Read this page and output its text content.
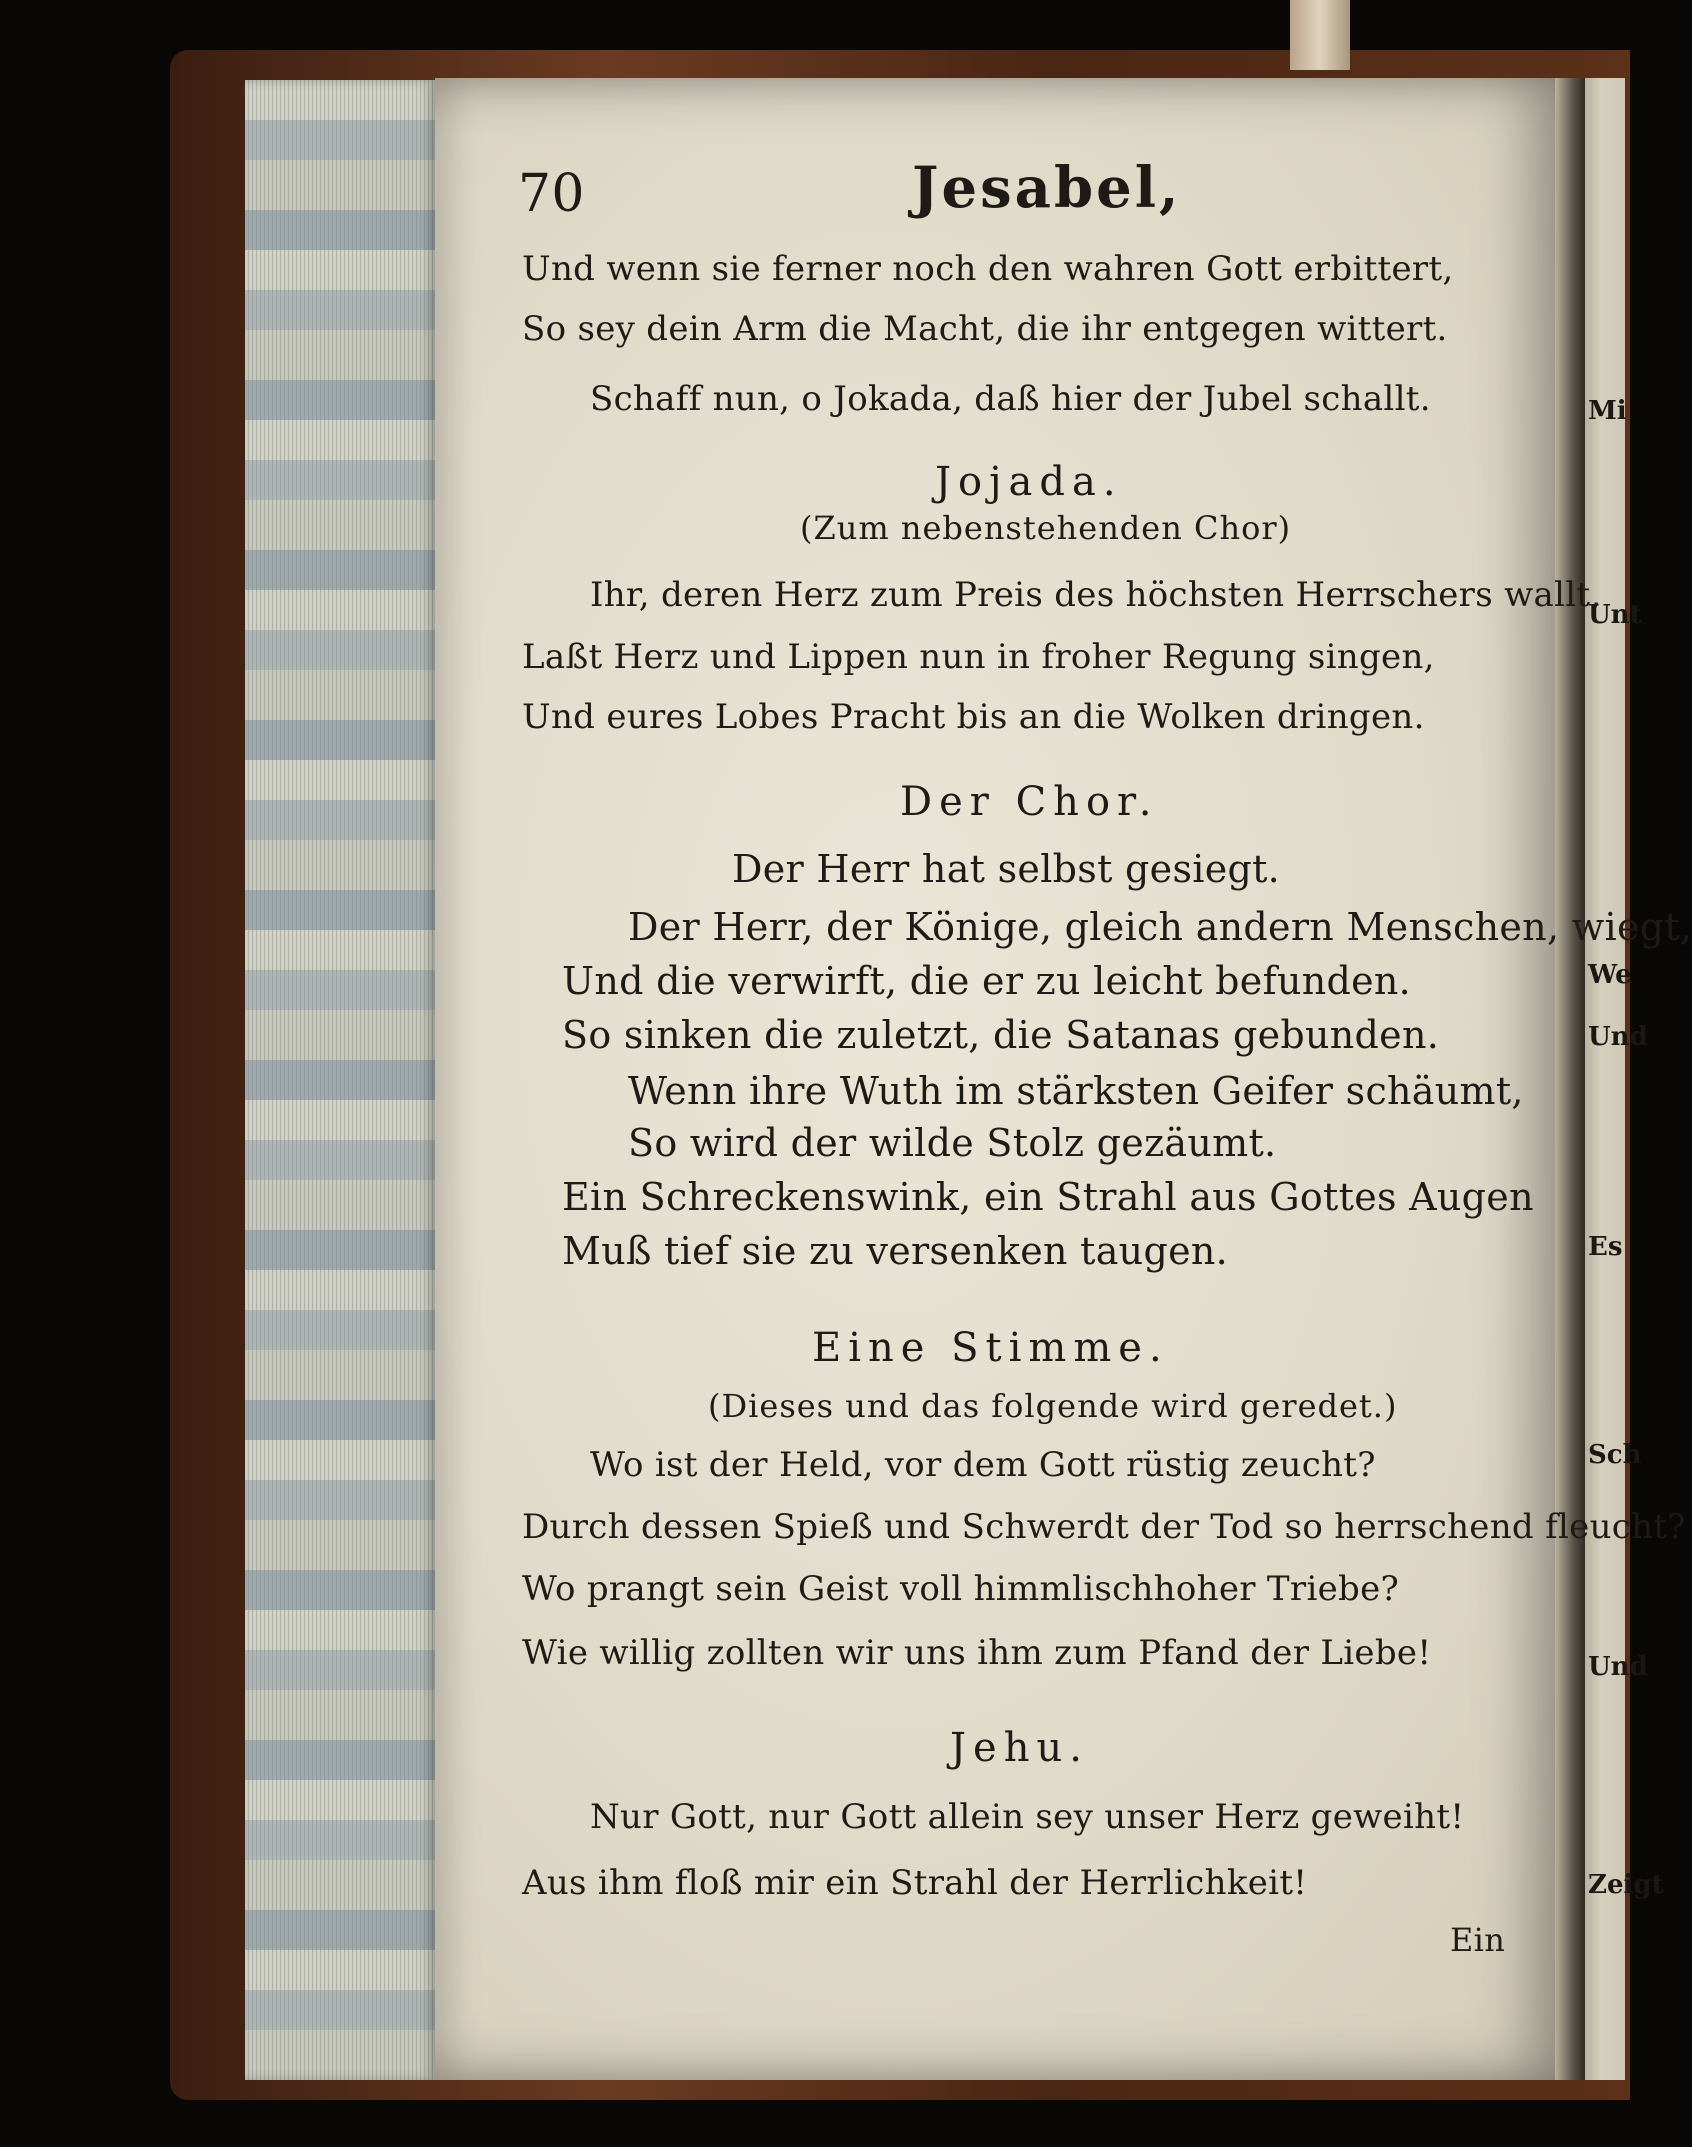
70	Jesabel,
Und wenn sie ferner noch den wahren Gott erbittert,
So sey dein Arm die Macht, die ihr entgegen wittert.
Schaff nun, o Jokada, daß hier der Jubel schallt.
Jojada.
(Zum nebenstehenden Chor)
Ihr, deren Herz zum Preis des höchsten Herrschers wallt,
Laßt Herz und Lippen nun in froher Regung singen,
Und eures Lobes Pracht bis an die Wolken dringen.
Der Chor.
Der Herr hat selbst gesiegt.
Der Herr, der Könige, gleich andern Menschen, wiegt,
Und die verwirft, die er zu leicht befunden.
So sinken die zuletzt, die Satanas gebunden.
Wenn ihre Wuth im stärksten Geifer schäumt,
So wird der wilde Stolz gezäumt.
Ein Schreckenswink, ein Strahl aus Gottes Augen
Muß tief sie zu versenken taugen.
Eine Stimme.
(Dieses und das folgende wird geredet.)
Wo ist der Held, vor dem Gott rüstig zeucht?
Durch dessen Spieß und Schwerdt der Tod so herrschend fleucht?
Wo prangt sein Geist voll himmlischhoher Triebe?
Wie willig zollten wir uns ihm zum Pfand der Liebe!
Jehu.
Nur Gott, nur Gott allein sey unser Herz geweiht!
Aus ihm floß mir ein Strahl der Herrlichkeit!
Ein
Mi
Unt
We
Und
Es
Sch
Und
Zeigt
